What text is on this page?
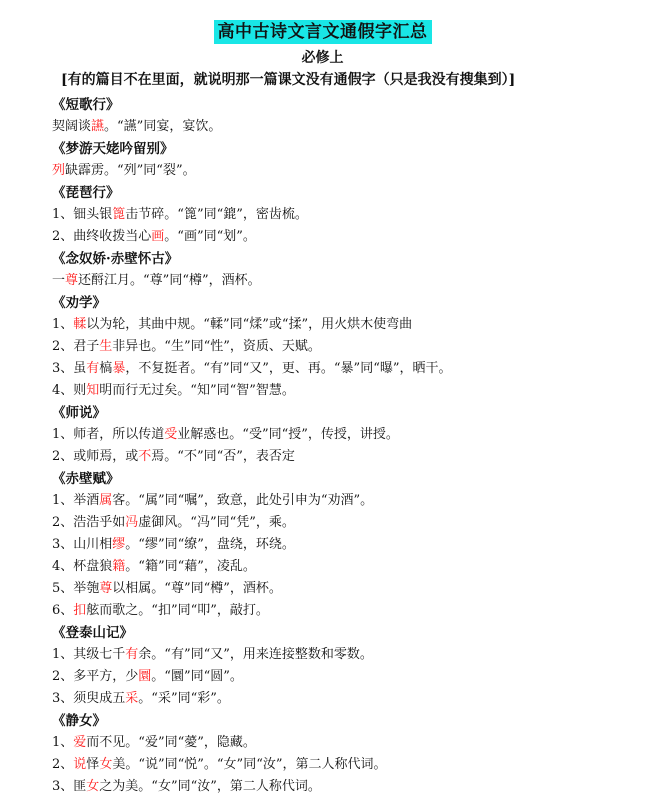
高中古诗文言文通假字汇总
必修上
[有的篇目不在里面，就说明那一篇课文没有通假字（只是我没有搜集到）]
《短歌行》
契阔谈讌。“讌”同宴，宴饮。
《梦游天姥吟留别》
列缺霹雳。“列”同“裂”。
《琵琶行》
1、钿头银篦击节碎。“篦”同“鎞”，密齿梳。
2、曲终收拨当心画。“画”同“划”。
《念奴娇·赤壁怀古》
一尊还酹江月。“尊”同“樽”，酒杯。
《劝学》
1、輮以为轮，其曲中规。“輮”同“煣”或“揉”，用火烘木使弯曲
2、君子生非异也。“生”同“性”，资质、天赋。
3、虽有槁暴，不复挺者。“有”同“又”，更、再。“暴”同“曝”，晒干。
4、则知明而行无过矣。“知”同“智”智慧。
《师说》
1、师者，所以传道受业解惑也。“受”同“授”，传授，讲授。
2、或师焉，或不焉。“不”同“否”，表否定
《赤壁赋》
1、举酒属客。“属”同“嘱”，致意，此处引申为“劝酒”。
2、浩浩乎如冯虚御风。“冯”同“凭”，乘。
3、山川相缪。“缪”同“缭”，盘绕，环绕。
4、杯盘狼籍。“籍”同“藉”，凌乱。
5、举匏尊以相属。“尊”同“樽”，酒杯。
6、扣舷而歌之。“扣”同“叩”，敲打。
《登泰山记》
1、其级七千有余。“有”同“又”，用来连接整数和零数。
2、多平方，少圜。“圜”同“圆”。
3、须臾成五采。“采”同“彩”。
《静女》
1、爱而不见。“爱”同“薆”，隐藏。
2、说怿女美。“说”同“悦”。“女”同“汝”，第二人称代词。
3、匪女之为美。“女”同“汝”，第二人称代词。
